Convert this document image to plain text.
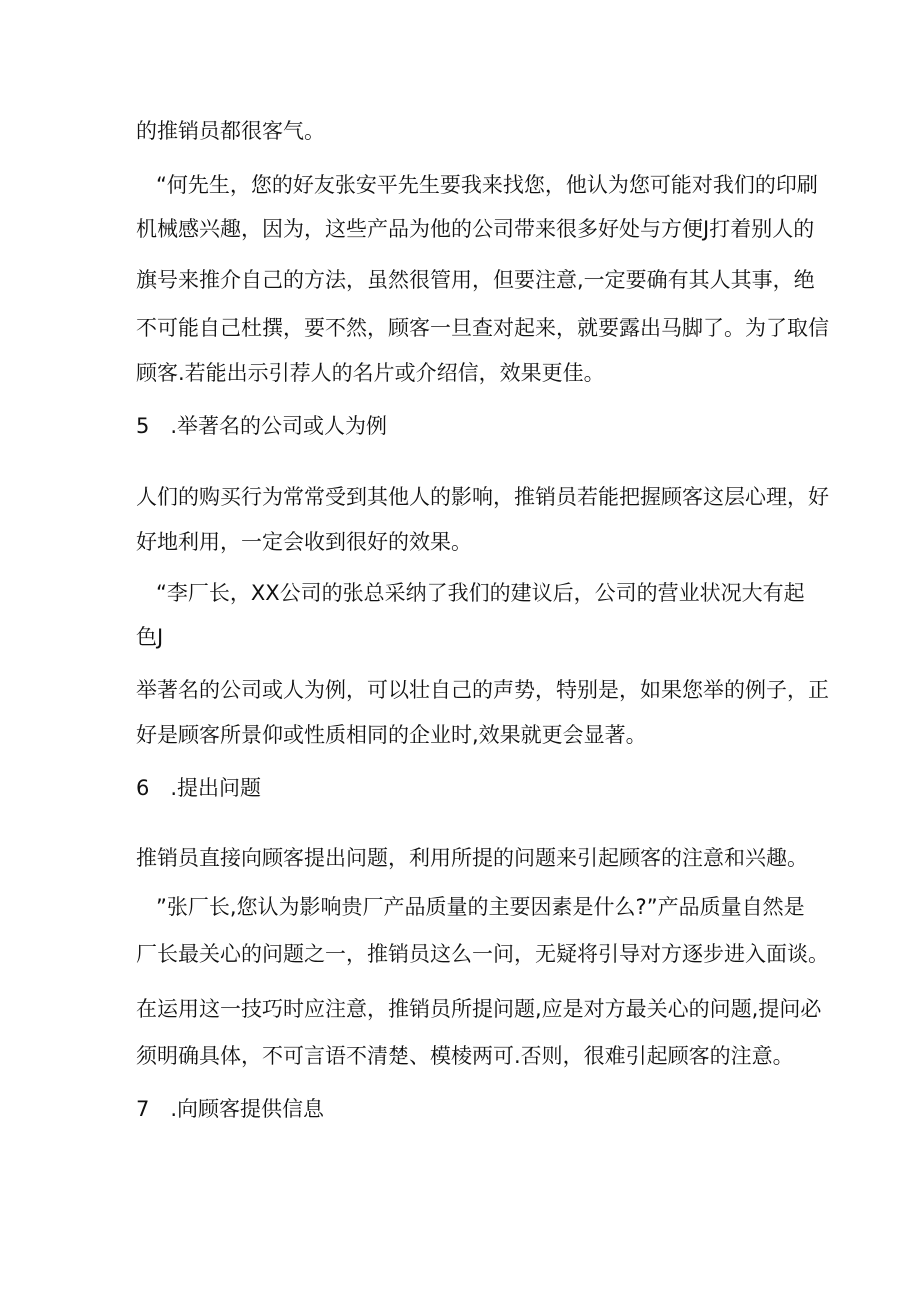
的推销员都很客气。
“何先生，您的好友张安平先生要我来找您，他认为您可能对我们的印刷
机械感兴趣，因为，这些产品为他的公司带来很多好处与方便J打着别人的
旗号来推介自己的方法，虽然很管用，但要注意,一定要确有其人其事，绝
不可能自己杜撰，要不然，顾客一旦查对起来，就要露出马脚了。为了取信
顾客.若能出示引荐人的名片或介绍信，效果更佳。
5　.举著名的公司或人为例
人们的购买行为常常受到其他人的影响，推销员若能把握顾客这层心理，好
好地利用，一定会收到很好的效果。
“李厂长，XX公司的张总采纳了我们的建议后，公司的营业状况大有起
色J
举著名的公司或人为例，可以壮自己的声势，特别是，如果您举的例子，正
好是顾客所景仰或性质相同的企业时,效果就更会显著。
6　.提出问题
推销员直接向顾客提出问题，利用所提的问题来引起顾客的注意和兴趣。
”张厂长,您认为影响贵厂产品质量的主要因素是什么?”产品质量自然是
厂长最关心的问题之一，推销员这么一问，无疑将引导对方逐步进入面谈。
在运用这一技巧时应注意，推销员所提问题,应是对方最关心的问题,提问必
须明确具体，不可言语不清楚、模棱两可.否则，很难引起顾客的注意。
7　.向顾客提供信息
